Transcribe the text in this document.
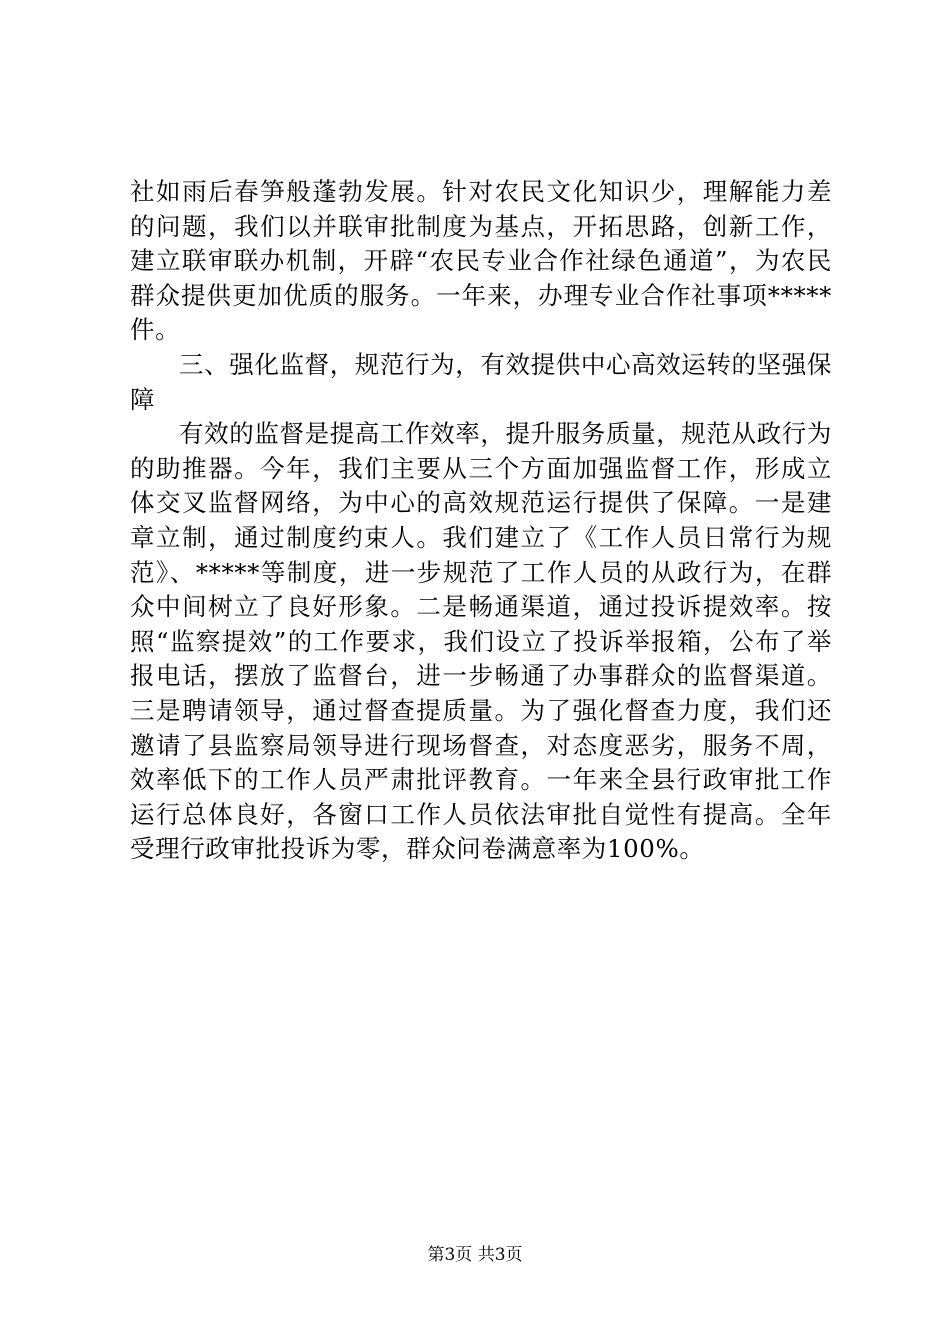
社如雨后春笋般蓬勃发展。针对农民文化知识少，理解能力差的问题，我们以并联审批制度为基点，开拓思路，创新工作，建立联审联办机制，开辟“农民专业合作社绿色通道”，为农民群众提供更加优质的服务。一年来，办理专业合作社事项*****件。

三、强化监督，规范行为，有效提供中心高效运转的坚强保障

有效的监督是提高工作效率，提升服务质量，规范从政行为的助推器。今年，我们主要从三个方面加强监督工作，形成立体交叉监督网络，为中心的高效规范运行提供了保障。一是建章立制，通过制度约束人。我们建立了《工作人员日常行为规范》、*****等制度，进一步规范了工作人员的从政行为，在群众中间树立了良好形象。二是畅通渠道，通过投诉提效率。按照“监察提效”的工作要求，我们设立了投诉举报箱，公布了举报电话，摆放了监督台，进一步畅通了办事群众的监督渠道。三是聘请领导，通过督查提质量。为了强化督查力度，我们还邀请了县监察局领导进行现场督查，对态度恶劣，服务不周，效率低下的工作人员严肃批评教育。一年来全县行政审批工作运行总体良好，各窗口工作人员依法审批自觉性有提高。全年受理行政审批投诉为零，群众问卷满意率为100%。

第3页 共3页
